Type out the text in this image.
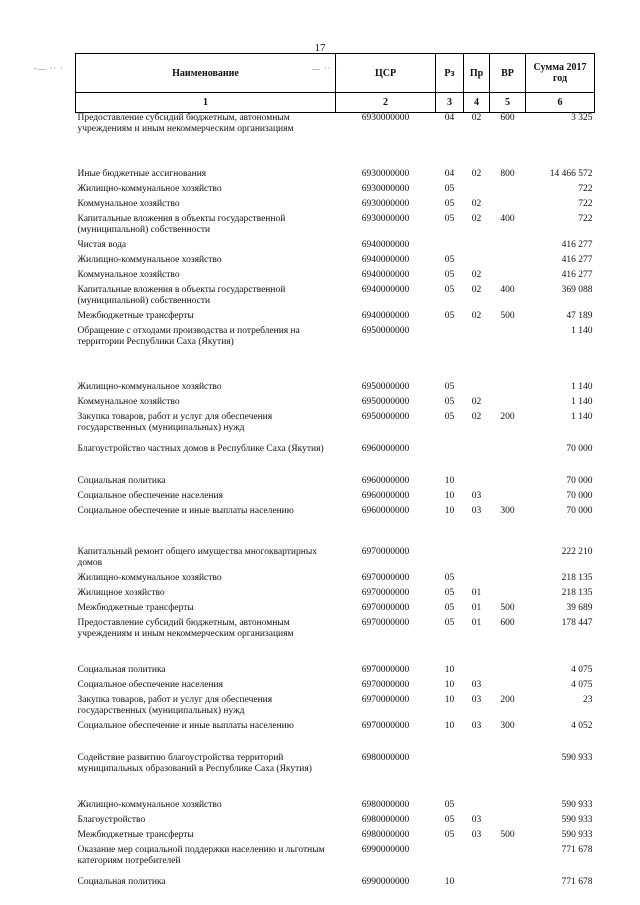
17
-— ·· ·	— ·· ·
Наименование	ЦСР	Рз	Пр	ВР	Сумма 2017 год
1	2	3	4	5	6
Предоставление субсидий бюджетным, автономным учреждениям и иным некоммерческим организациям	6930000000	04	02	600	3 325
Иные бюджетные ассигнования	6930000000	04	02	800	14 466 572
Жилищно-коммунальное хозяйство	6930000000	05			722
Коммунальное хозяйство	6930000000	05	02		722
Капитальные вложения в объекты государственной (муниципальной) собственности	6930000000	05	02	400	722
Чистая вода	6940000000				416 277
Жилищно-коммунальное хозяйство	6940000000	05			416 277
Коммунальное хозяйство	6940000000	05	02		416 277
Капитальные вложения в объекты государственной (муниципальной) собственности	6940000000	05	02	400	369 088
Межбюджетные трансферты	6940000000	05	02	500	47 189
Обращение с отходами производства и потребления на территории Республики Саха (Якутия)	6950000000				1 140
Жилищно-коммунальное хозяйство	6950000000	05			1 140
Коммунальное хозяйство	6950000000	05	02		1 140
Закупка товаров, работ и услуг для обеспечения государственных (муниципальных) нужд	6950000000	05	02	200	1 140
Благоустройство частных домов в Республике Саха (Якутия)	6960000000				70 000
Социальная политика	6960000000	10			70 000
Социальное обеспечение населения	6960000000	10	03		70 000
Социальное обеспечение и иные выплаты населению	6960000000	10	03	300	70 000
Капитальный ремонт общего имущества многоквартирных домов	6970000000				222 210
Жилищно-коммунальное хозяйство	6970000000	05			218 135
Жилищное хозяйство	6970000000	05	01		218 135
Межбюджетные трансферты	6970000000	05	01	500	39 689
Предоставление субсидий бюджетным, автономным учреждениям и иным некоммерческим организациям	6970000000	05	01	600	178 447
Социальная политика	6970000000	10			4 075
Социальное обеспечение населения	6970000000	10	03		4 075
Закупка товаров, работ и услуг для обеспечения государственных (муниципальных) нужд	6970000000	10	03	200	23
Социальное обеспечение и иные выплаты населению	6970000000	10	03	300	4 052
Содействие развитию благоустройства территорий муниципальных образований в Республике Саха (Якутия)	6980000000				590 933
Жилищно-коммунальное хозяйство	6980000000	05			590 933
Благоустройство	6980000000	05	03		590 933
Межбюджетные трансферты	6980000000	05	03	500	590 933
Оказание мер социальной поддержки населению и льготным категориям потребителей	6990000000				771 678
Социальная политика	6990000000	10			771 678
